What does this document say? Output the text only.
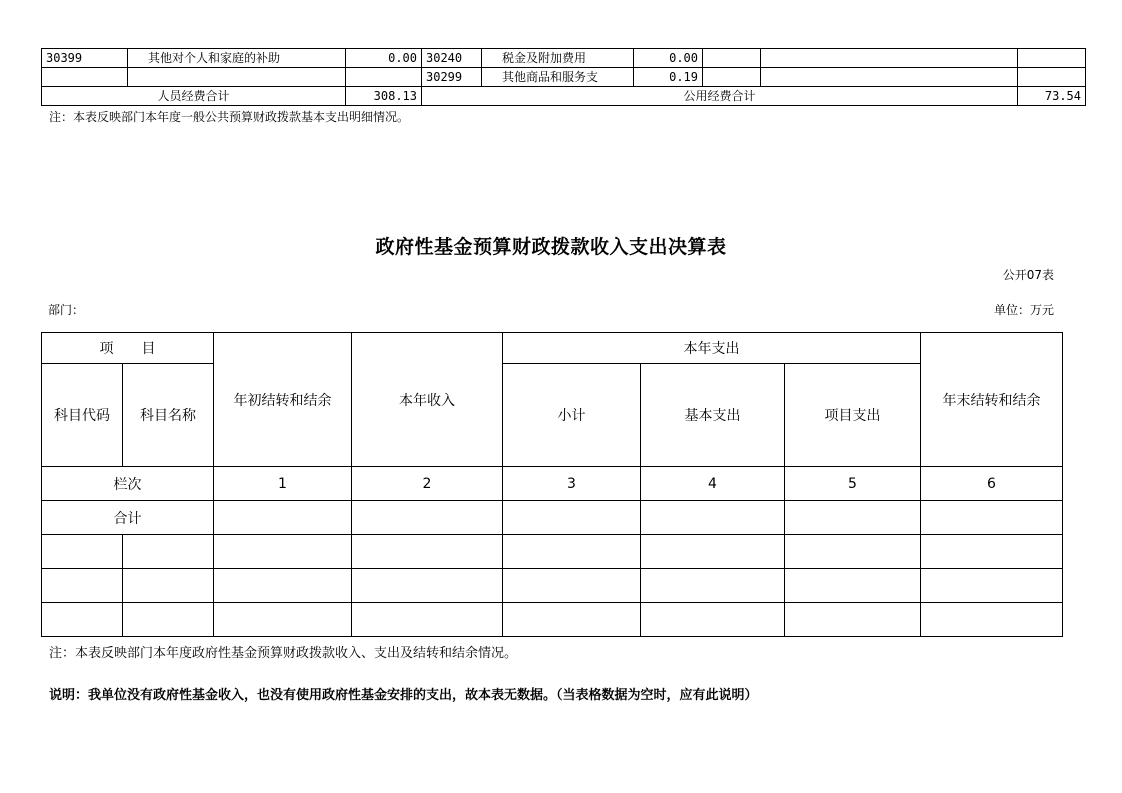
30399	其他对个人和家庭的补助	0.00	30240	税金及附加费用	0.00			
			30299	其他商品和服务支	0.19			
人员经费合计		308.13	公用经费合计					73.54
注：本表反映部门本年度一般公共预算财政拨款基本支出明细情况。
政府性基金预算财政拨款收入支出决算表
公开07表
部门：	单位：万元
项　　目		年初结转和结余	本年收入	本年支出			年末结转和结余
科目代码	科目名称			小计	基本支出	项目支出	
栏次		1	2	3	4	5	6
合计							

注：本表反映部门本年度政府性基金预算财政拨款收入、支出及结转和结余情况。
说明：我单位没有政府性基金收入，也没有使用政府性基金安排的支出，故本表无数据。（当表格数据为空时，应有此说明）
